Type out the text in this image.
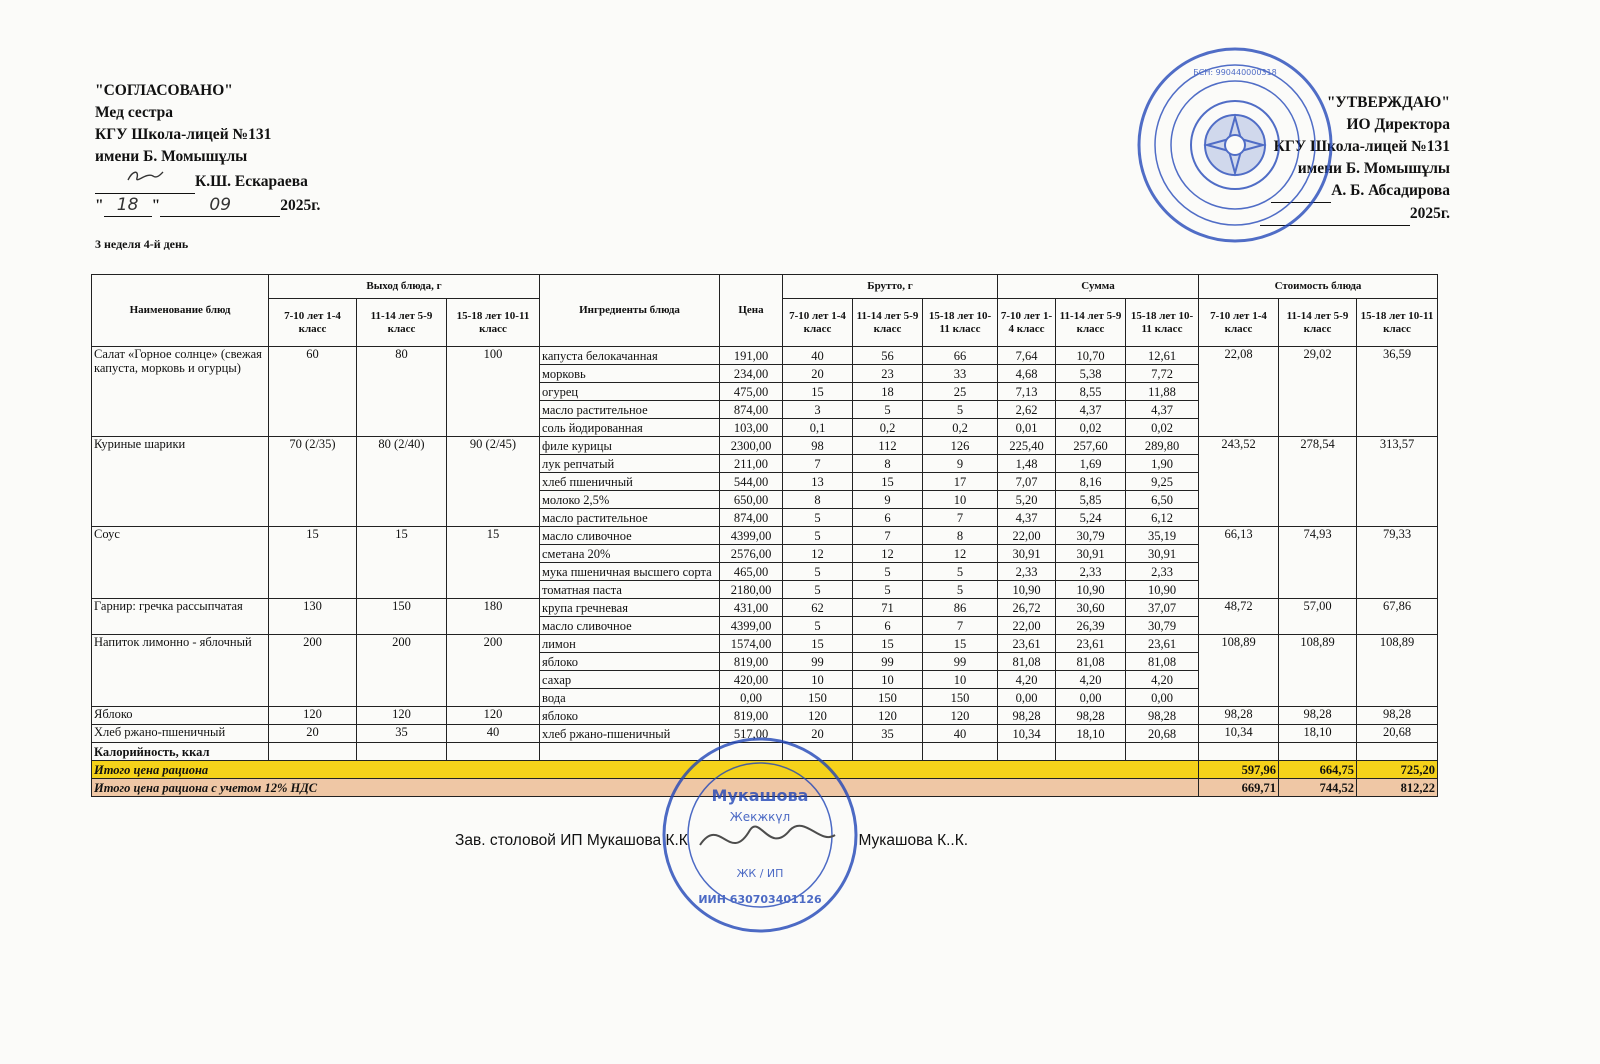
"СОГЛАСОВАНО"
Мед сестра
КГУ Школа-лицей №131
имени Б. Момышұлы
К.Ш. Ескараева
" 18 "	09	2025г.
"УТВЕРЖДАЮ"
ИО Директора
КГУ Школа-лицей №131
имени Б. Момышұлы
А. Б. Абсадирова
2025г.
БСН: 990440000318
3 неделя 4-й день
Наименование блюд	Выход блюда, г			Ингредиенты блюда	Цена	Брутто, г			Сумма			Стоимость блюда		
	7-10 лет 1-4 класс	11-14 лет 5-9 класс	15-18 лет 10-11 класс			7-10 лет 1-4 класс	11-14 лет 5-9 класс	15-18 лет 10-11 класс	7-10 лет 1-4 класс	11-14 лет 5-9 класс	15-18 лет 10-11 класс	7-10 лет 1-4 класс	11-14 лет 5-9 класс	15-18 лет 10-11 класс
Салат «Горное солнце» (свежая капуста, морковь и огурцы)	60	80	100	капуста белокачанная	191,00	40	56	66	7,64	10,70	12,61	22,08	29,02	36,59
				морковь	234,00	20	23	33	4,68	5,38	7,72			
				огурец	475,00	15	18	25	7,13	8,55	11,88			
				масло растительное	874,00	3	5	5	2,62	4,37	4,37			
				соль йодированная	103,00	0,1	0,2	0,2	0,01	0,02	0,02			
Куриные шарики	70 (2/35)	80 (2/40)	90 (2/45)	филе курицы	2300,00	98	112	126	225,40	257,60	289,80	243,52	278,54	313,57
				лук репчатый	211,00	7	8	9	1,48	1,69	1,90			
				хлеб пшеничный	544,00	13	15	17	7,07	8,16	9,25			
				молоко 2,5%	650,00	8	9	10	5,20	5,85	6,50			
				масло растительное	874,00	5	6	7	4,37	5,24	6,12			
Соус	15	15	15	масло сливочное	4399,00	5	7	8	22,00	30,79	35,19	66,13	74,93	79,33
				сметана 20%	2576,00	12	12	12	30,91	30,91	30,91			
				мука пшеничная высшего сорта	465,00	5	5	5	2,33	2,33	2,33			
				томатная паста	2180,00	5	5	5	10,90	10,90	10,90			
Гарнир: гречка рассыпчатая	130	150	180	крупа гречневая	431,00	62	71	86	26,72	30,60	37,07	48,72	57,00	67,86
				масло сливочное	4399,00	5	6	7	22,00	26,39	30,79			
Напиток лимонно - яблочный	200	200	200	лимон	1574,00	15	15	15	23,61	23,61	23,61	108,89	108,89	108,89
				яблоко	819,00	99	99	99	81,08	81,08	81,08			
				сахар	420,00	10	10	10	4,20	4,20	4,20			
				вода	0,00	150	150	150	0,00	0,00	0,00			
Яблоко	120	120	120	яблоко	819,00	120	120	120	98,28	98,28	98,28	98,28	98,28	98,28
Хлеб ржано-пшеничный	20	35	40	хлеб ржано-пшеничный	517,00	20	35	40	10,34	18,10	20,68	10,34	18,10	20,68
Калорийность, ккал														
Итого цена рациона												597,96	664,75	725,20
Итого цена рациона с учетом 12% НДС												669,71	744,52	812,22
Зав. столовой ИП Мукашова К.К	Мукашова К..К.
Мукашова
Жекжкүл
ЖК / ИП
ИИН 630703401126
